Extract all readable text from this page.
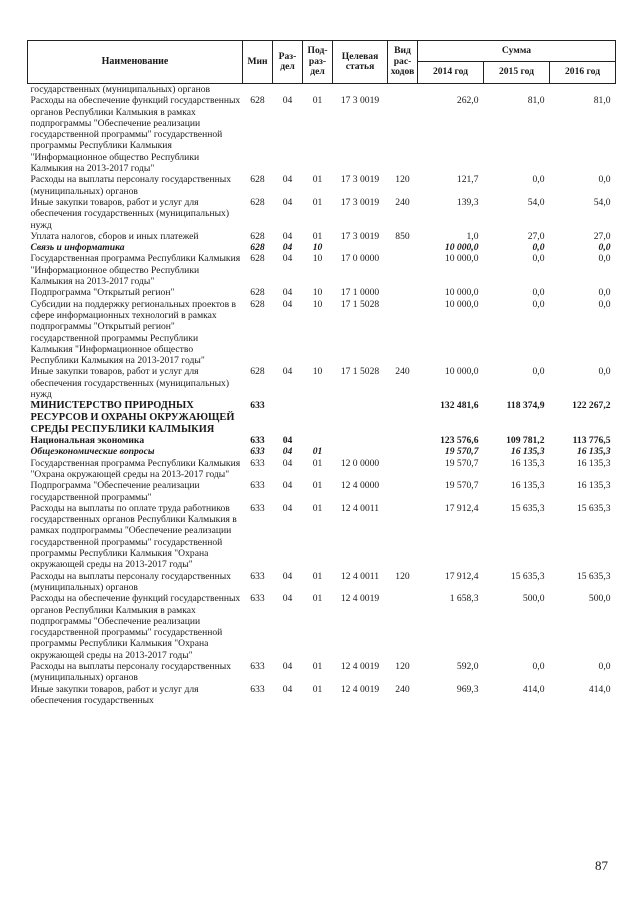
Наименование	Мин	Раз-дел	Под-раз-дел	Целевая статья	Вид рас-ходов	Сумма		
						2014 год	2015 год	2016 год
государственных (муниципальных) органов								
Расходы на обеспечение функций государственных органов Республики Калмыкия в рамках подпрограммы "Обеспечение реализации государственной программы" государственной программы Республики Калмыкия "Информационное общество Республики Калмыкия на 2013-2017 годы"	628	04	01	17 3 0019		262,0	81,0	81,0
Расходы на выплаты персоналу государственных (муниципальных) органов	628	04	01	17 3 0019	120	121,7	0,0	0,0
Иные закупки товаров, работ и услуг для обеспечения государственных (муниципальных) нужд	628	04	01	17 3 0019	240	139,3	54,0	54,0
Уплата налогов, сборов и иных платежей	628	04	01	17 3 0019	850	1,0	27,0	27,0
Связь и информатика	628	04	10			10 000,0	0,0	0,0
Государственная программа Республики Калмыкия "Информационное общество Республики Калмыкия на 2013-2017 годы"	628	04	10	17 0 0000		10 000,0	0,0	0,0
Подпрограмма "Открытый регион"	628	04	10	17 1 0000		10 000,0	0,0	0,0
Субсидии на поддержку региональных проектов в сфере информационных технологий в рамках подпрограммы "Открытый регион" государственной программы Республики Калмыкия "Информационное общество Республики Калмыкия на 2013-2017 годы"	628	04	10	17 1 5028		10 000,0	0,0	0,0
Иные закупки товаров, работ и услуг для обеспечения государственных (муниципальных) нужд	628	04	10	17 1 5028	240	10 000,0	0,0	0,0
МИНИСТЕРСТВО ПРИРОДНЫХ РЕСУРСОВ И ОХРАНЫ ОКРУЖАЮЩЕЙ СРЕДЫ РЕСПУБЛИКИ КАЛМЫКИЯ	633					132 481,6	118 374,9	122 267,2
Национальная экономика	633	04				123 576,6	109 781,2	113 776,5
Общеэкономические вопросы	633	04	01			19 570,7	16 135,3	16 135,3
Государственная программа Республики Калмыкия "Охрана окружающей среды на 2013-2017 годы"	633	04	01	12 0 0000		19 570,7	16 135,3	16 135,3
Подпрограмма "Обеспечение реализации государственной программы"	633	04	01	12 4 0000		19 570,7	16 135,3	16 135,3
Расходы на выплаты по оплате труда работников государственных органов Республики Калмыкия в рамках подпрограммы "Обеспечение реализации государственной программы" государственной программы Республики Калмыкия "Охрана окружающей среды на 2013-2017 годы"	633	04	01	12 4 0011		17 912,4	15 635,3	15 635,3
Расходы на выплаты персоналу государственных (муниципальных) органов	633	04	01	12 4 0011	120	17 912,4	15 635,3	15 635,3
Расходы на обеспечение функций государственных органов Республики Калмыкия в рамках подпрограммы "Обеспечение реализации государственной программы" государственной программы Республики Калмыкия "Охрана окружающей среды на 2013-2017 годы"	633	04	01	12 4 0019		1 658,3	500,0	500,0
Расходы на выплаты персоналу государственных (муниципальных) органов	633	04	01	12 4 0019	120	592,0	0,0	0,0
Иные закупки товаров, работ и услуг для обеспечения государственных	633	04	01	12 4 0019	240	969,3	414,0	414,0
87
